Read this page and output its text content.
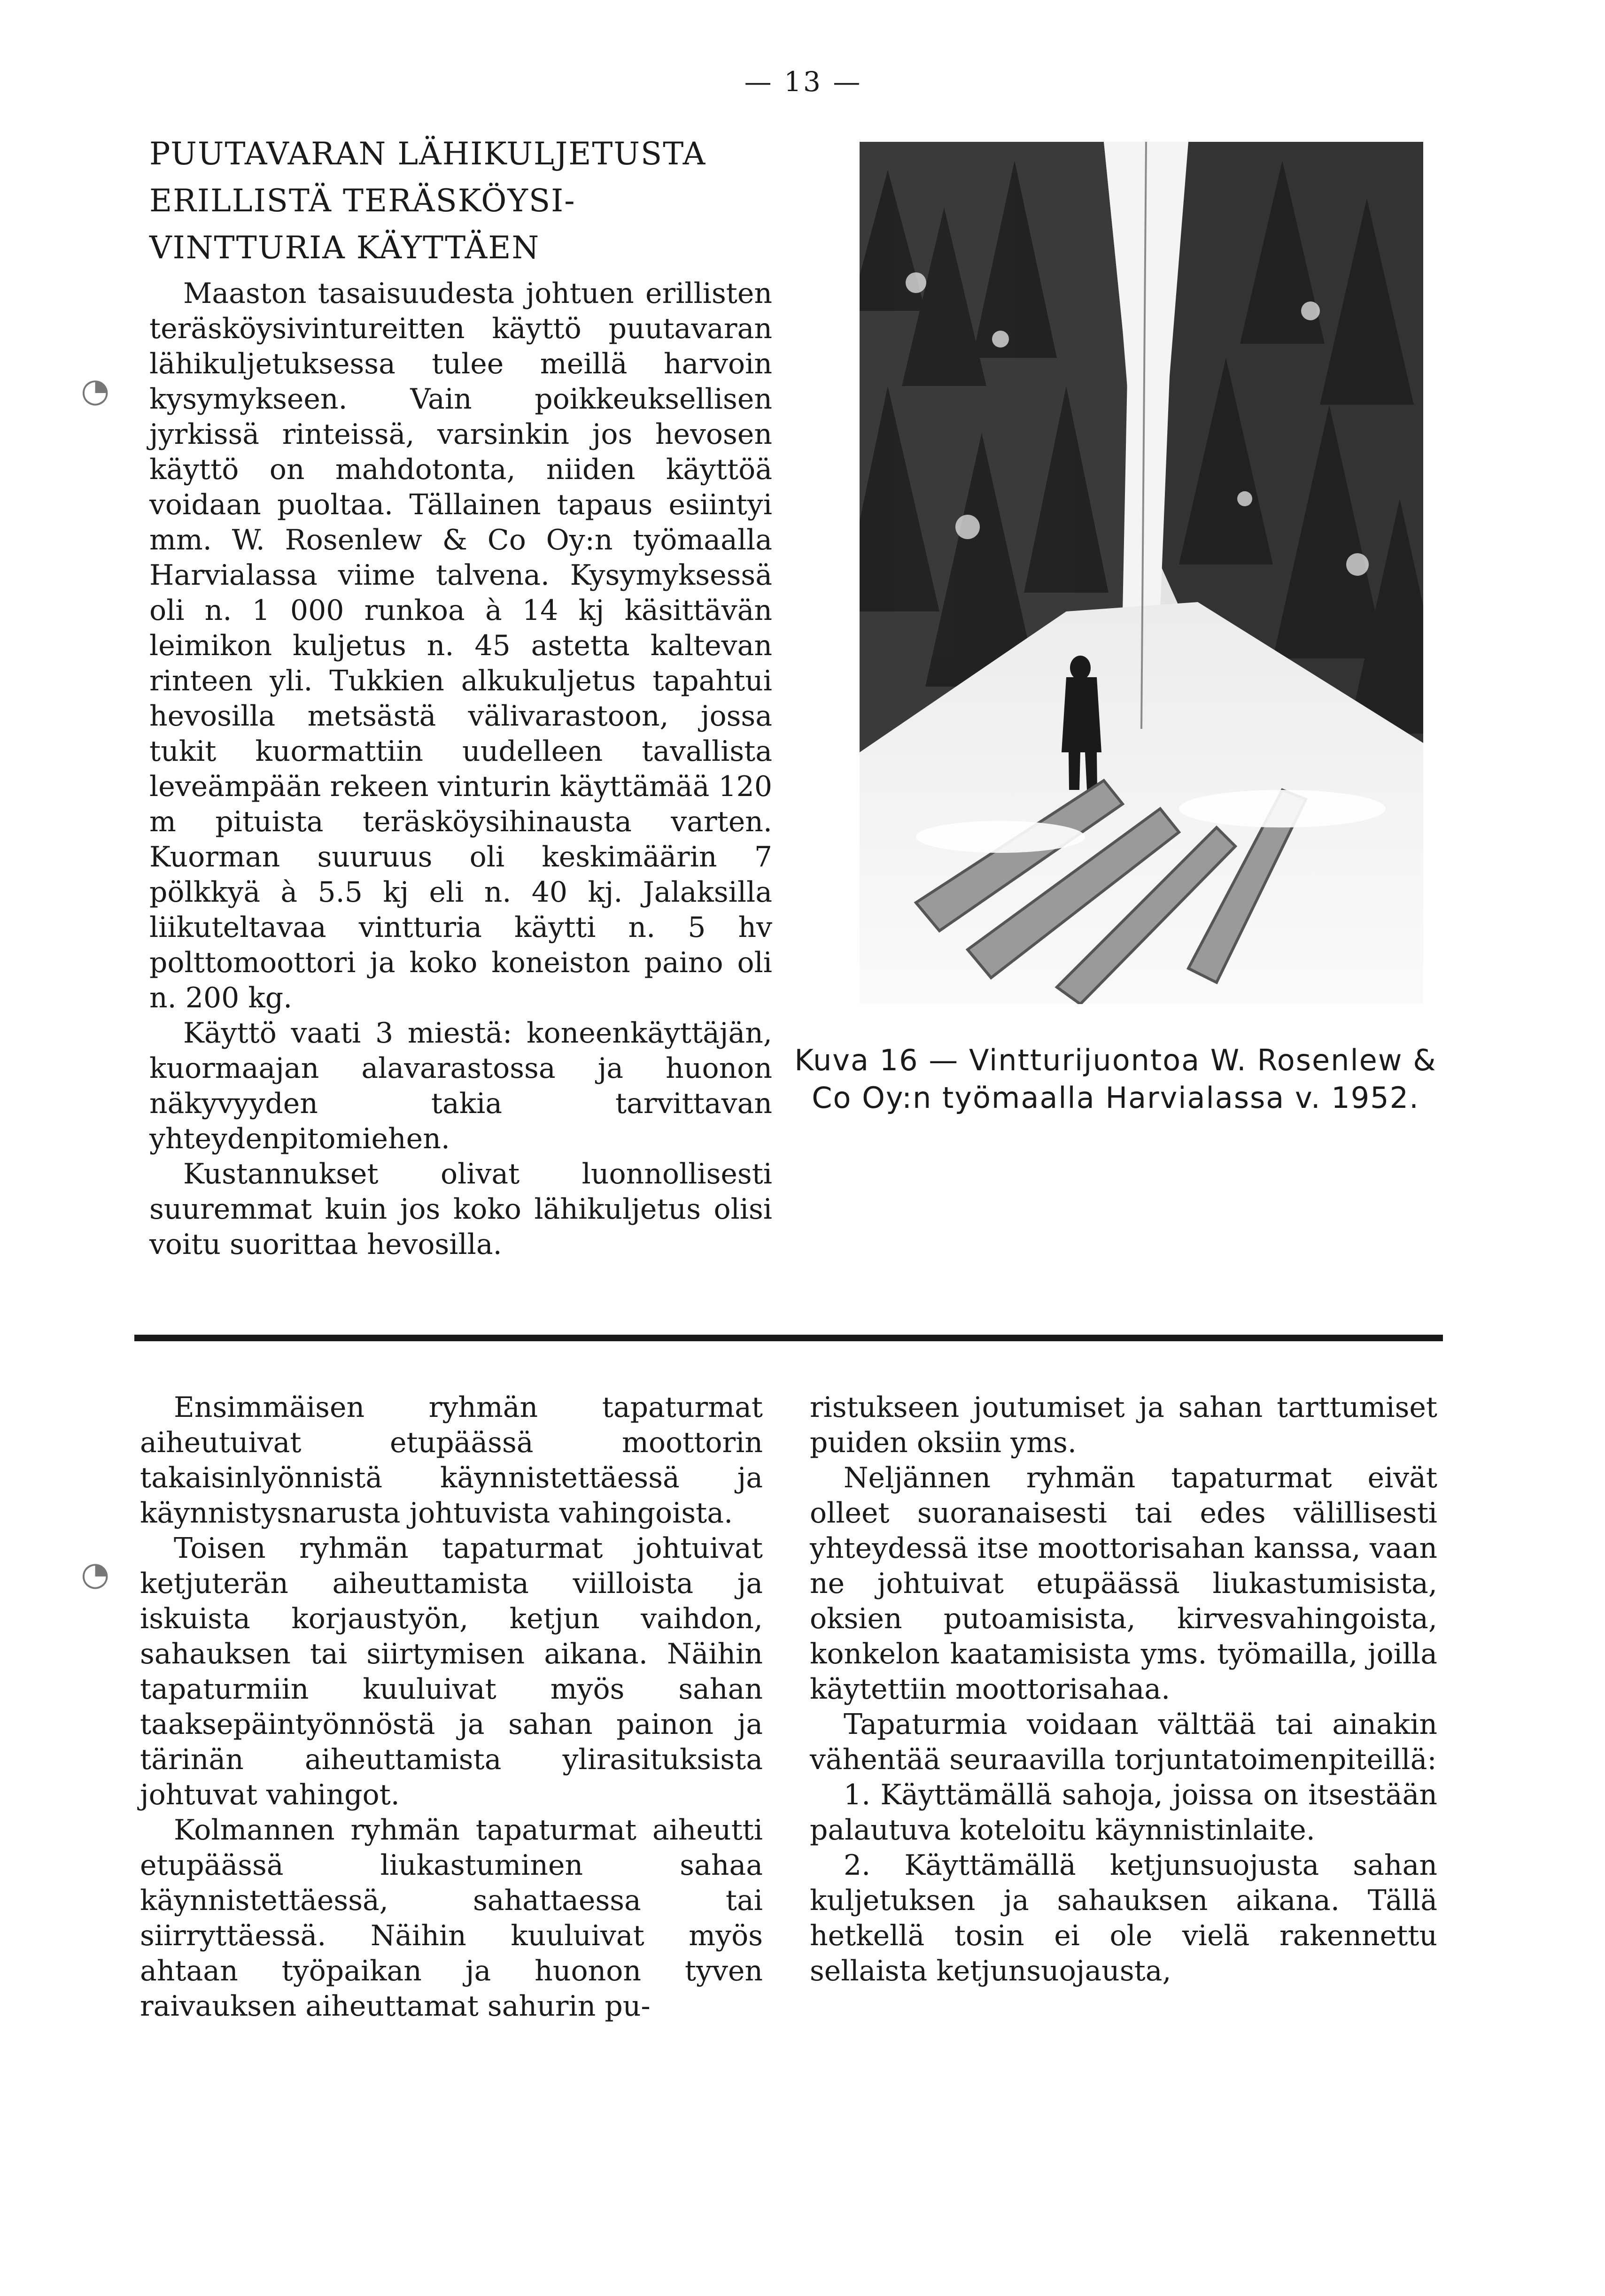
— 13 —
PUUTAVARAN LÄHIKULJETUSTA
ERILLISTÄ TERÄSKÖYSI-
VINTTURIA KÄYTTÄEN

Maaston tasaisuudesta johtuen erillisten teräsköysivintureitten käyttö puutavaran lähikuljetuksessa tulee meillä harvoin kysymykseen. Vain poikkeuksellisen jyrkissä rinteissä, varsinkin jos hevosen käyttö on mahdotonta, niiden käyttöä voidaan puoltaa. Tällainen tapaus esiintyi mm. W. Rosenlew & Co Oy:n työmaalla Harvialassa viime talvena. Kysymyksessä oli n. 1 000 runkoa à 14 kj käsittävän leimikon kuljetus n. 45 astetta kaltevan rinteen yli. Tukkien alkukuljetus tapahtui hevosilla metsästä välivarastoon, jossa tukit kuormattiin uudelleen tavallista leveämpään rekeen vinturin käyttämää 120 m pituista teräsköysihinausta varten. Kuorman suuruus oli keskimäärin 7 pölkkyä à 5.5 kj eli n. 40 kj. Jalaksilla liikuteltavaa vintturia käytti n. 5 hv polttomoottori ja koko koneiston paino oli n. 200 kg.

Käyttö vaati 3 miestä: koneenkäyttäjän, kuormaajan alavarastossa ja huonon näkyvyyden takia tarvittavan yhteydenpitomiehen.

Kustannukset olivat luonnollisesti suuremmat kuin jos koko lähikuljetus olisi voitu suorittaa hevosilla.

Kuva 16 — Vintturijuontoa W. Rosenlew & Co Oy:n työmaalla Harvialassa v. 1952.

Ensimmäisen ryhmän tapaturmat aiheutuivat etupäässä moottorin takaisinlyönnistä käynnistettäessä ja käynnistysnarusta johtuvista vahingoista.

Toisen ryhmän tapaturmat johtuivat ketjuterän aiheuttamista viilloista ja iskuista korjaustyön, ketjun vaihdon, sahauksen tai siirtymisen aikana. Näihin tapaturmiin kuuluivat myös sahan taaksepäintyönnöstä ja sahan painon ja tärinän aiheuttamista ylirasituksista johtuvat vahingot.

Kolmannen ryhmän tapaturmat aiheutti etupäässä liukastuminen sahaa käynnistettäessä, sahattaessa tai siirryttäessä. Näihin kuuluivat myös ahtaan työpaikan ja huonon tyven raivauksen aiheuttamat sahurin pu-

ristukseen joutumiset ja sahan tarttumiset puiden oksiin yms.

Neljännen ryhmän tapaturmat eivät olleet suoranaisesti tai edes välillisesti yhteydessä itse moottorisahan kanssa, vaan ne johtuivat etupäässä liukastumisista, oksien putoamisista, kirvesvahingoista, konkelon kaatamisista yms. työmailla, joilla käytettiin moottorisahaa.

Tapaturmia voidaan välttää tai ainakin vähentää seuraavilla torjuntatoimenpiteillä:

1. Käyttämällä sahoja, joissa on itsestään palautuva koteloitu käynnistinlaite.

2. Käyttämällä ketjunsuojusta sahan kuljetuksen ja sahauksen aikana. Tällä hetkellä tosin ei ole vielä rakennettu sellaista ketjunsuojausta,

◔
◔
